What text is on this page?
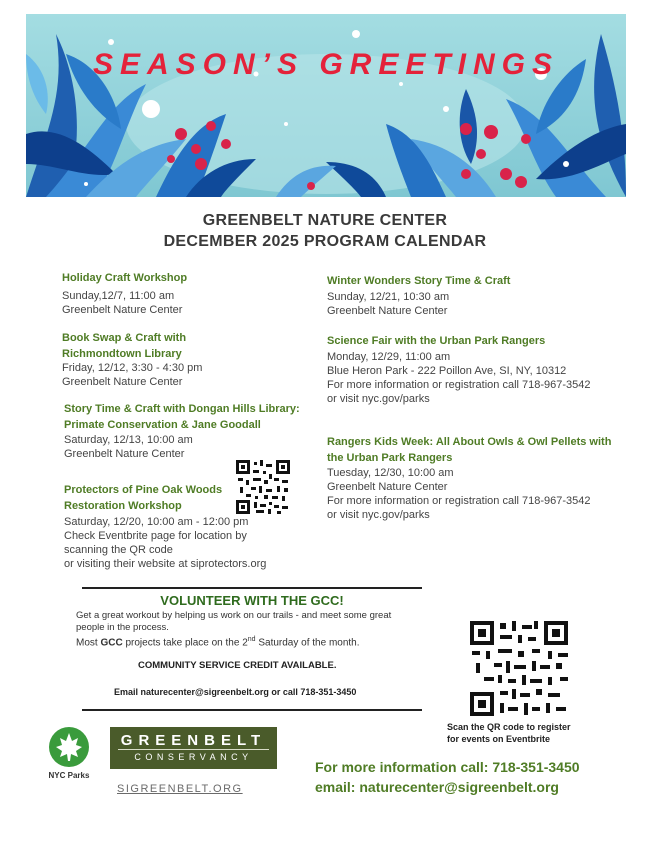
SEASON’S GREETINGS
GREENBELT NATURE CENTER
DECEMBER 2025 PROGRAM CALENDAR
Holiday Craft Workshop
Sunday,12/7, 11:00 am
Greenbelt Nature Center
Book Swap & Craft with
Richmondtown Library
Friday, 12/12, 3:30 - 4:30 pm
Greenbelt Nature Center
Story Time & Craft with Dongan Hills Library:
Primate Conservation & Jane Goodall
Saturday, 12/13, 10:00 am
Greenbelt Nature Center
Protectors of Pine Oak Woods
Restoration Workshop
Saturday, 12/20, 10:00 am - 12:00 pm
Check Eventbrite page for location by
scanning the QR code
or visiting their website at siprotectors.org
Winter Wonders Story Time & Craft
Sunday, 12/21, 10:30 am
Greenbelt Nature Center
Science Fair with the Urban Park Rangers
Monday, 12/29, 11:00 am
Blue Heron Park - 222 Poillon Ave, SI, NY, 10312
For more information or registration call 718-967-3542
or visit nyc.gov/parks
Rangers Kids Week: All About Owls & Owl Pellets with
the Urban Park Rangers
Tuesday, 12/30, 10:00 am
Greenbelt Nature Center
For more information or registration call 718-967-3542
or visit nyc.gov/parks
VOLUNTEER WITH THE GCC!
Get a great workout by helping us work on our trails - and meet some great
people in the process.
Most GCC projects take place on the 2nd Saturday of the month.
COMMUNITY SERVICE CREDIT AVAILABLE.
Email naturecenter@sigreenbelt.org or call 718-351-3450
Scan the QR code to register
for events on Eventbrite
NYC Parks
GREENBELT
CONSERVANCY
SIGREENBELT.ORG
For more information call: 718-351-3450
email: naturecenter@sigreenbelt.org
